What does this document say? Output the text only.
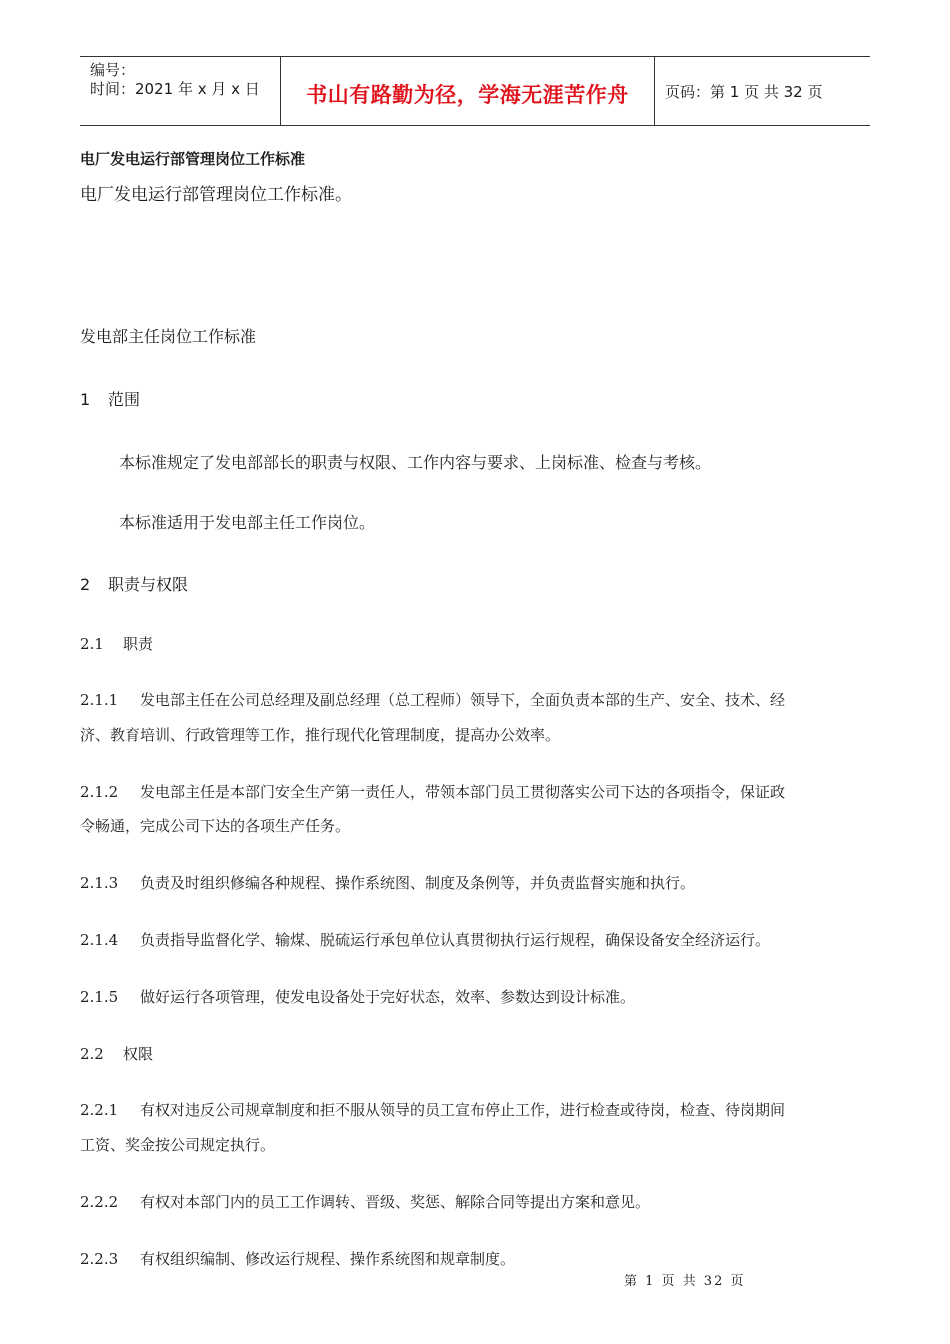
编号：
时间：2021 年 x 月 x 日	书山有路勤为径，学海无涯苦作舟	页码：第 1 页 共 32 页
电厂发电运行部管理岗位工作标准
电厂发电运行部管理岗位工作标准。
发电部主任岗位工作标准
1 范围
本标准规定了发电部部长的职责与权限、工作内容与要求、上岗标准、检查与考核。
本标准适用于发电部主任工作岗位。
2 职责与权限
2.1 职责
2.1.1 发电部主任在公司总经理及副总经理（总工程师）领导下，全面负责本部的生产、安全、技术、经
济、教育培训、行政管理等工作，推行现代化管理制度，提高办公效率。
2.1.2 发电部主任是本部门安全生产第一责任人，带领本部门员工贯彻落实公司下达的各项指令，保证政
令畅通，完成公司下达的各项生产任务。
2.1.3 负责及时组织修编各种规程、操作系统图、制度及条例等，并负责监督实施和执行。
2.1.4 负责指导监督化学、输煤、脱硫运行承包单位认真贯彻执行运行规程，确保设备安全经济运行。
2.1.5 做好运行各项管理，使发电设备处于完好状态，效率、参数达到设计标准。
2.2 权限
2.2.1 有权对违反公司规章制度和拒不服从领导的员工宣布停止工作，进行检查或待岗，检查、待岗期间
工资、奖金按公司规定执行。
2.2.2 有权对本部门内的员工工作调转、晋级、奖惩、解除合同等提出方案和意见。
2.2.3 有权组织编制、修改运行规程、操作系统图和规章制度。
第 1 页 共 32 页
